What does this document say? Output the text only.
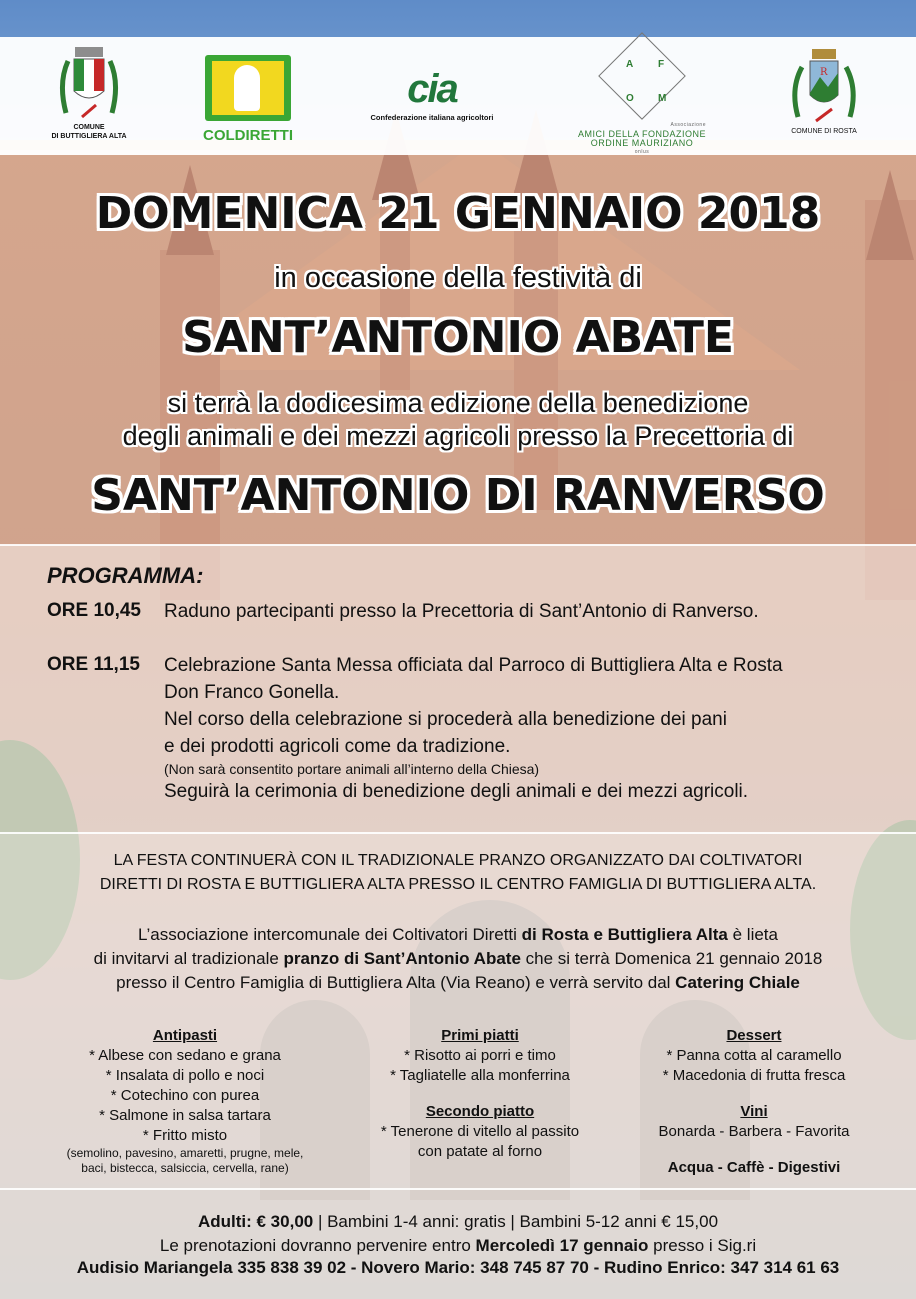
COMUNE
DI BUTTIGLIERA ALTA	COLDIRETTI
cia
Confederazione italiana agricoltori
Associazione
AMICI DELLA FONDAZIONE
ORDINE MAURIZIANO
onlus
A F
O M
R
COMUNE DI ROSTA
DOMENICA 21 GENNAIO 2018
in occasione della festività di
SANT’ANTONIO ABATE
si terrà la dodicesima edizione della benedizione
degli animali e dei mezzi agricoli presso la Precettoria di
SANT’ANTONIO DI RANVERSO
PROGRAMMA:
ORE 10,45 Raduno partecipanti presso la Precettoria di Sant’Antonio di Ranverso.
ORE 11,15 Celebrazione Santa Messa officiata dal Parroco di Buttigliera Alta e Rosta
Don Franco Gonella.
Nel corso della celebrazione si procederà alla benedizione dei pani
e dei prodotti agricoli come da tradizione.
(Non sarà consentito portare animali all’interno della Chiesa)
Seguirà la cerimonia di benedizione degli animali e dei mezzi agricoli.
LA FESTA CONTINUERÀ CON IL TRADIZIONALE PRANZO ORGANIZZATO DAI COLTIVATORI
DIRETTI DI ROSTA E BUTTIGLIERA ALTA PRESSO IL CENTRO FAMIGLIA DI BUTTIGLIERA ALTA.
L’associazione intercomunale dei Coltivatori Diretti di Rosta e Buttigliera Alta è lieta
di invitarvi al tradizionale pranzo di Sant’Antonio Abate che si terrà Domenica 21 gennaio 2018
presso il Centro Famiglia di Buttigliera Alta (Via Reano) e verrà servito dal Catering Chiale
Antipasti
* Albese con sedano e grana
* Insalata di pollo e noci
* Cotechino con purea
* Salmone in salsa tartara
* Fritto misto
(semolino, pavesino, amaretti, prugne, mele,
baci, bistecca, salsiccia, cervella, rane)
Primi piatti
* Risotto ai porri e timo
* Tagliatelle alla monferrina
Secondo piatto
* Tenerone di vitello al passito
con patate al forno
Dessert
* Panna cotta al caramello
* Macedonia di frutta fresca
Vini
Bonarda - Barbera - Favorita
Acqua - Caffè - Digestivi
Adulti: € 30,00 | Bambini 1-4 anni: gratis | Bambini 5-12 anni € 15,00
Le prenotazioni dovranno pervenire entro Mercoledì 17 gennaio presso i Sig.ri
Audisio Mariangela 335 838 39 02 - Novero Mario: 348 745 87 70 - Rudino Enrico: 347 314 61 63
